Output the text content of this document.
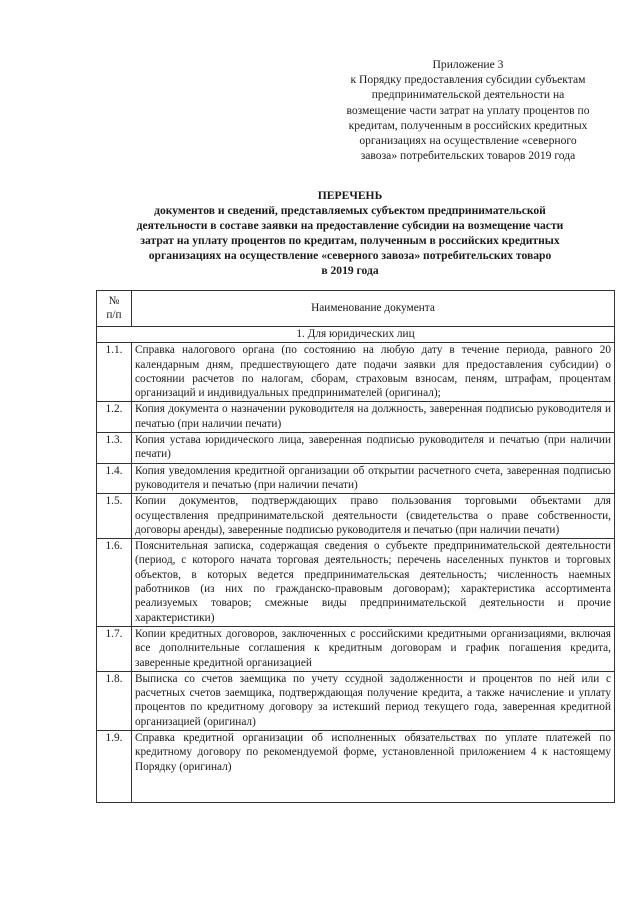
Приложение 3
к Порядку предоставления субсидии субъектам
предпринимательской деятельности на
возмещение части затрат на уплату процентов по
кредитам, полученным в российских кредитных
организациях на осуществление «северного
завоза» потребительских товаров 2019 года
ПЕРЕЧЕНЬ
документов и сведений, представляемых субъектом предпринимательской
деятельности в составе заявки на предоставление субсидии на возмещение части
затрат на уплату процентов по кредитам, полученным в российских кредитных
организациях на осуществление «северного завоза» потребительских товаро
в 2019 года
№
п/п	Наименование документа
1. Для юридических лиц	
1.1.	Справка налогового органа (по состоянию на любую дату в течение периода, равного 20 календарным дням, предшествующего дате подачи заявки для предоставления субсидии) о состоянии расчетов по налогам, сборам, страховым взносам, пеням, штрафам, процентам организаций и индивидуальных предпринимателей (оригинал);
1.2.	Копия документа о назначении руководителя на должность, заверенная подписью руководителя и печатью (при наличии печати)
1.3.	Копия устава юридического лица, заверенная подписью руководителя и печатью (при наличии печати)
1.4.	Копия уведомления кредитной организации об открытии расчетного счета, заверенная подписью руководителя и печатью (при наличии печати)
1.5.	Копии документов, подтверждающих право пользования торговыми объектами для осуществления предпринимательской деятельности (свидетельства о праве собственности, договоры аренды), заверенные подписью руководителя и печатью (при наличии печати)
1.6.	Пояснительная записка, содержащая сведения о субъекте предпринимательской деятельности (период, с которого начата торговая деятельность; перечень населенных пунктов и торговых объектов, в которых ведется предпринимательская деятельность; численность наемных работников (из них по гражданско-правовым договорам); характеристика ассортимента реализуемых товаров; смежные виды предпринимательской деятельности и прочие характеристики)
1.7.	Копии кредитных договоров, заключенных с российскими кредитными организациями, включая все дополнительные соглашения к кредитным договорам и график погашения кредита, заверенные кредитной организацией
1.8.	Выписка со счетов заемщика по учету ссудной задолженности и процентов по ней или с расчетных счетов заемщика, подтверждающая получение кредита, а также начисление и уплату процентов по кредитному договору за истекший период текущего года, заверенная кредитной организацией (оригинал)
1.9.	Справка кредитной организации об исполненных обязательствах по уплате платежей по кредитному договору по рекомендуемой форме, установленной приложением 4 к настоящему Порядку (оригинал)
